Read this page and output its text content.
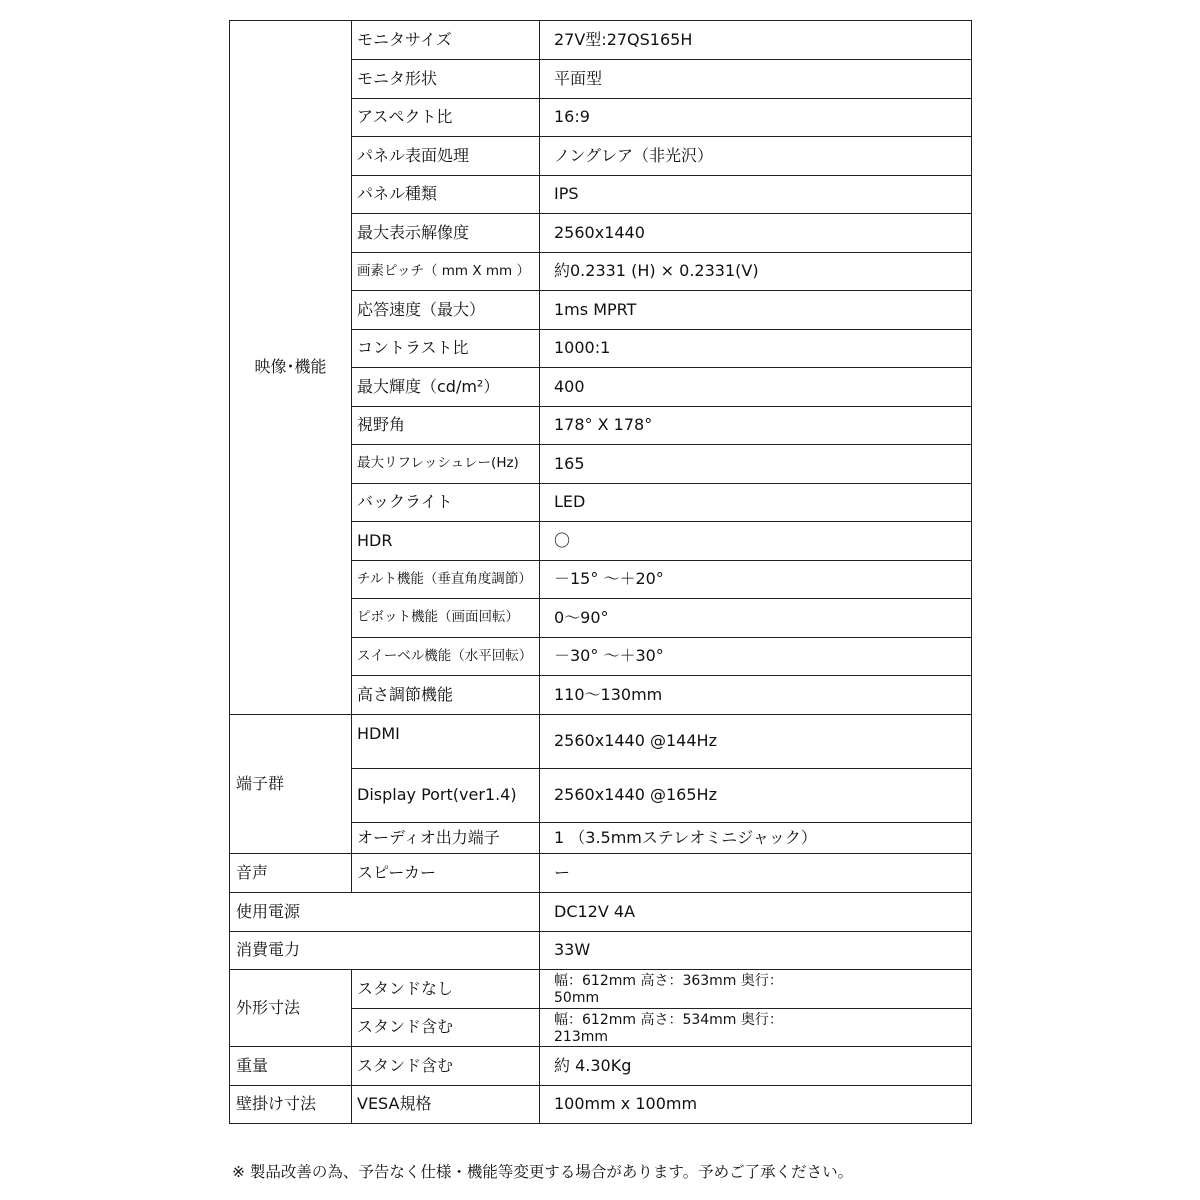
映像･機能	モニタサイズ	27V型:27QS165H
	モニタ形状	平面型
	アスペクト比	16:9
	パネル表面処理	ノングレア（非光沢）
	パネル種類	IPS
	最大表示解像度	2560x1440
	画素ピッチ（ mm X mm ）	約0.2331 (H) × 0.2331(V)
	応答速度（最大）	1ms MPRT
	コントラスト比	1000:1
	最大輝度（cd/m²）	400
	視野角	178° X 178°
	最大リフレッシュレー(Hz)	165
	バックライト	LED
	HDR	〇
	チルト機能（垂直角度調節）	－15° ～＋20°
	ピボット機能（画面回転）	0～90°
	スイーベル機能（水平回転）	－30° ～＋30°
	高さ調節機能	110～130mm
端子群	HDMI	2560x1440 @144Hz
	Display Port(ver1.4)	2560x1440 @165Hz
	オーディオ出力端子	1 （3.5mmステレオミニジャック）
音声	スピーカー	ー
使用電源		DC12V 4A
消費電力		33W
外形寸法	スタンドなし	幅：612mm 高さ：363mm 奥行：50mm

	スタンド含む	幅：612mm 高さ：534mm 奥行：213mm

重量	スタンド含む	約 4.30Kg
壁掛け寸法	VESA規格	100mm x 100mm
※ 製品改善の為、予告なく仕様・機能等変更する場合があります。予めご了承ください。
